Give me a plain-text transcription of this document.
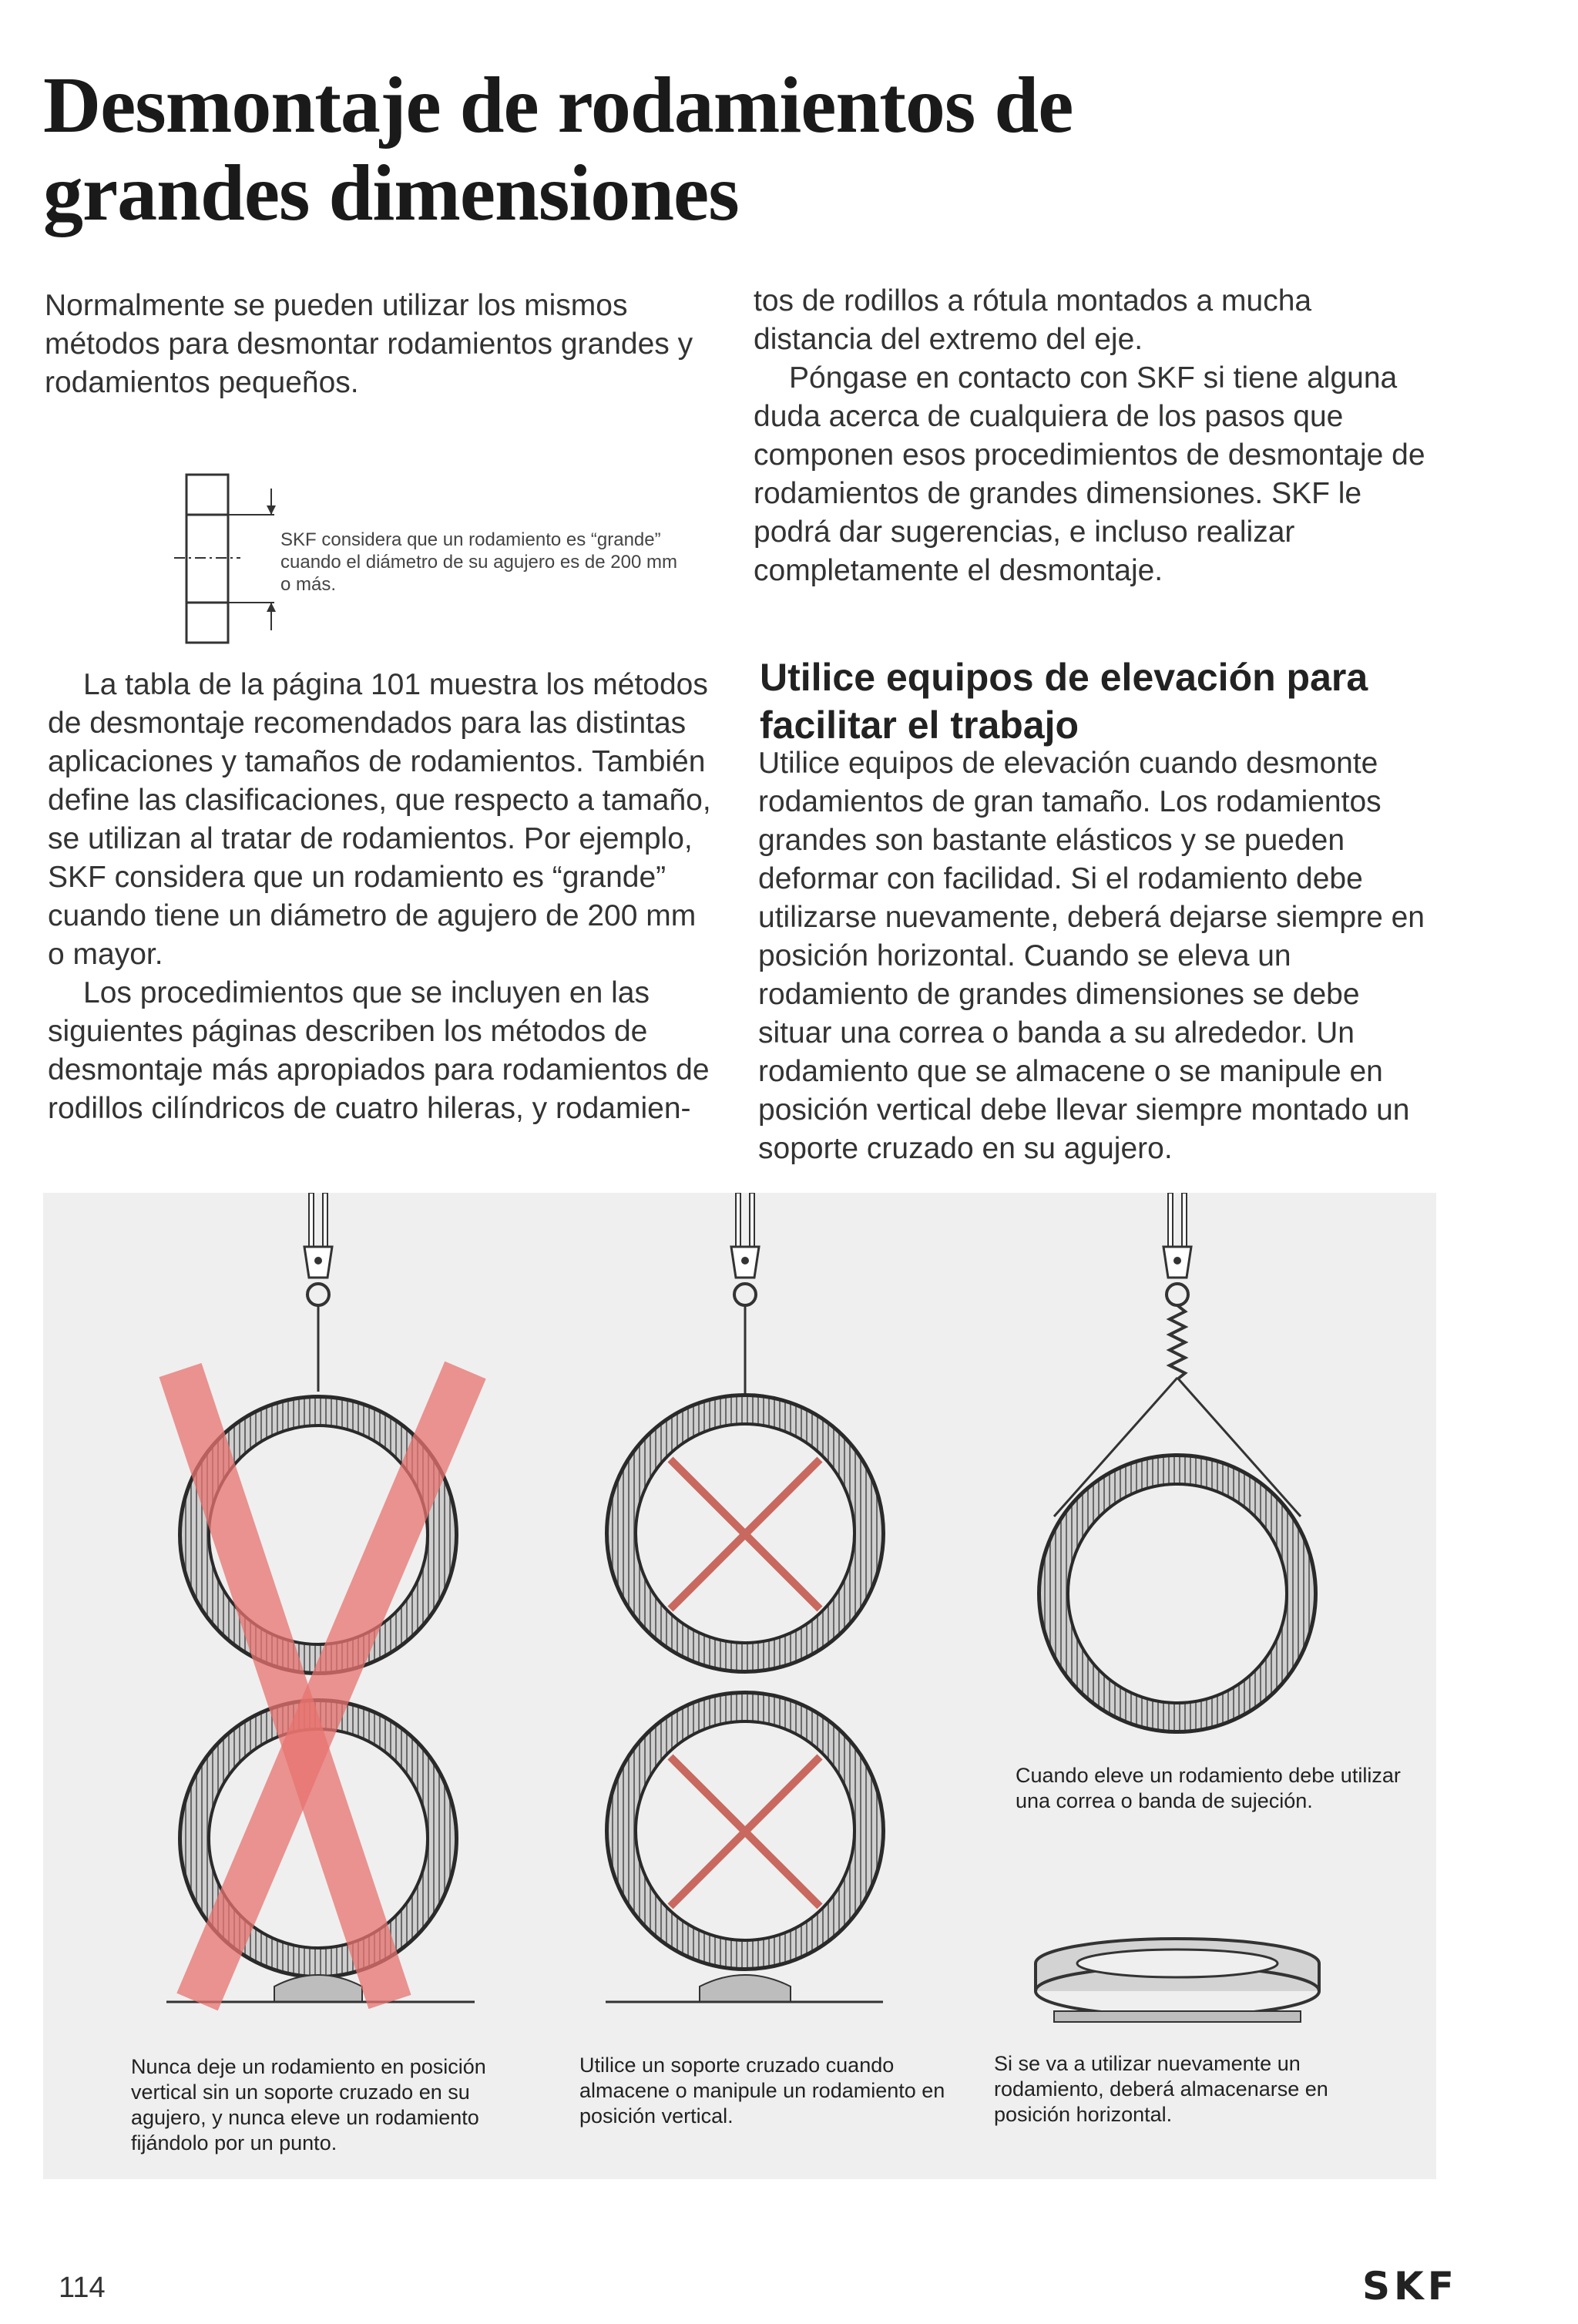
Desmontaje de rodamientos de
grandes dimensiones

Normalmente se pueden utilizar los mismos métodos para desmontar rodamientos grandes y rodamientos pequeños.

SKF considera que un rodamiento es “grande” cuando el diámetro de su agujero es de 200 mm o más.

La tabla de la página 101 muestra los métodos de desmontaje recomendados para las distintas aplicaciones y tamaños de rodamientos. También define las clasificaciones, que respecto a tamaño, se utilizan al tratar de rodamientos. Por ejemplo, SKF considera que un rodamiento es “grande” cuando tiene un diámetro de agujero de 200 mm o mayor.

Los procedimientos que se incluyen en las siguientes páginas describen los métodos de desmontaje más apropiados para rodamientos de rodillos cilíndricos de cuatro hileras, y rodamien-

tos de rodillos a rótula montados a mucha distancia del extremo del eje.

Póngase en contacto con SKF si tiene alguna duda acerca de cualquiera de los pasos que componen esos procedimientos de desmontaje de rodamientos de grandes dimensiones. SKF le podrá dar sugerencias, e incluso realizar completamente el desmontaje.

Utilice equipos de elevación para facilitar el trabajo

Utilice equipos de elevación cuando desmonte rodamientos de gran tamaño. Los rodamientos grandes son bastante elásticos y se pueden deformar con facilidad. Si el rodamiento debe utilizarse nuevamente, deberá dejarse siempre en posición horizontal. Cuando se eleva un rodamiento de grandes dimensiones se debe situar una correa o banda a su alrededor. Un rodamiento que se almacene o se manipule en posición vertical debe llevar siempre montado un soporte cruzado en su agujero.

Nunca deje un rodamiento en posición vertical sin un soporte cruzado en su agujero, y nunca eleve un rodamiento fijándolo por un punto.

Utilice un soporte cruzado cuando almacene o manipule un rodamiento en posición vertical.

Cuando eleve un rodamiento debe utilizar una correa o banda de sujeción.

Si se va a utilizar nuevamente un rodamiento, deberá almacenarse en posición horizontal.

114	SKF
